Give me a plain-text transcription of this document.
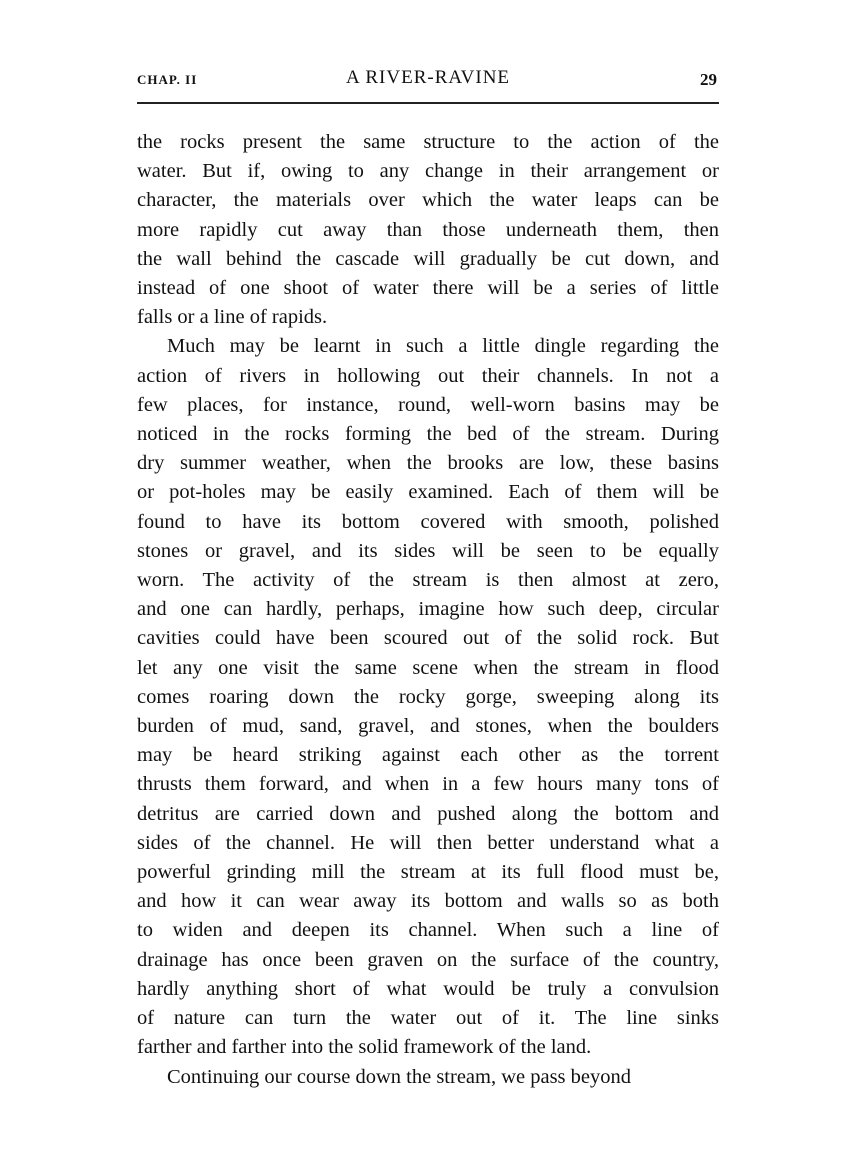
CHAP. II	A RIVER-RAVINE	29

the rocks present the same structure to the action of the

water. But if, owing to any change in their arrangement or

character, the materials over which the water leaps can be

more rapidly cut away than those underneath them, then

the wall behind the cascade will gradually be cut down, and

instead of one shoot of water there will be a series of little

falls or a line of rapids.

Much may be learnt in such a little dingle regarding the

action of rivers in hollowing out their channels. In not a

few places, for instance, round, well-worn basins may be

noticed in the rocks forming the bed of the stream. During

dry summer weather, when the brooks are low, these basins

or pot-holes may be easily examined. Each of them will be

found to have its bottom covered with smooth, polished

stones or gravel, and its sides will be seen to be equally

worn. The activity of the stream is then almost at zero,

and one can hardly, perhaps, imagine how such deep, circular

cavities could have been scoured out of the solid rock. But

let any one visit the same scene when the stream in flood

comes roaring down the rocky gorge, sweeping along its

burden of mud, sand, gravel, and stones, when the boulders

may be heard striking against each other as the torrent

thrusts them forward, and when in a few hours many tons of

detritus are carried down and pushed along the bottom and

sides of the channel. He will then better understand what a

powerful grinding mill the stream at its full flood must be,

and how it can wear away its bottom and walls so as both

to widen and deepen its channel. When such a line of

drainage has once been graven on the surface of the country,

hardly anything short of what would be truly a convulsion

of nature can turn the water out of it. The line sinks

farther and farther into the solid framework of the land.

Continuing our course down the stream, we pass beyond
